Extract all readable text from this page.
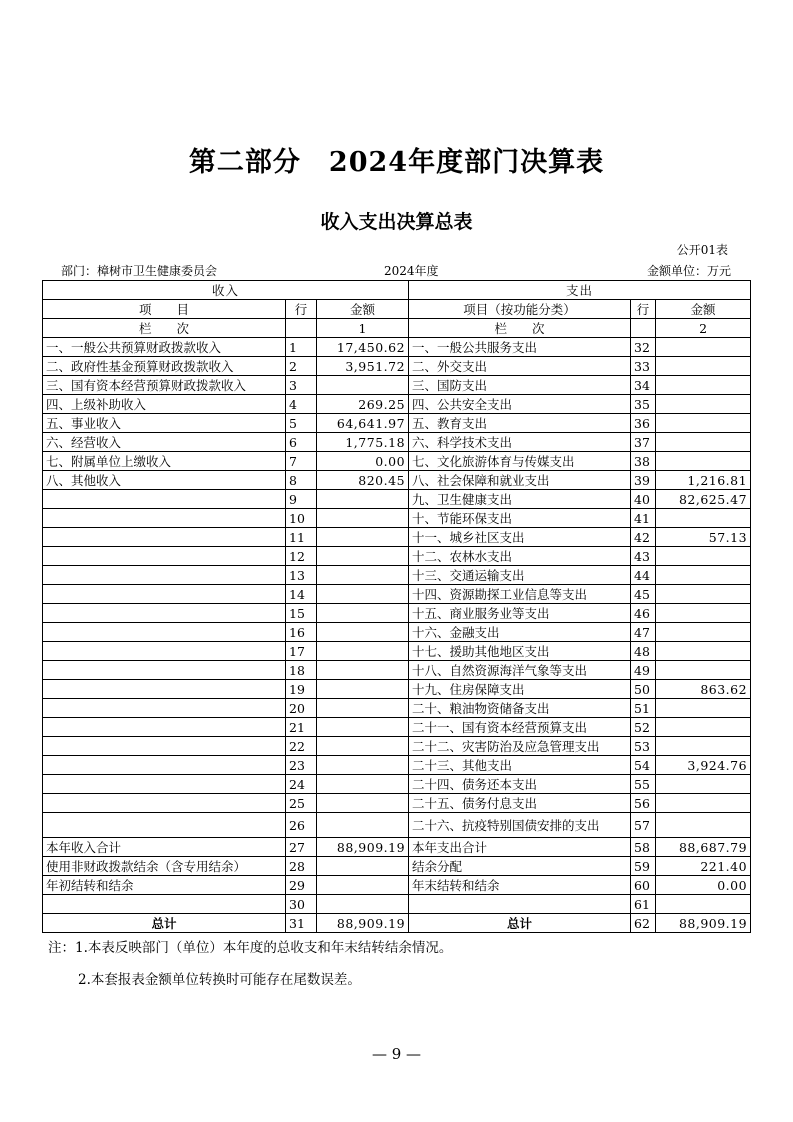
第二部分　2024年度部门决算表
收入支出决算总表
公开01表
部门：樟树市卫生健康委员会	2024年度	金额单位：万元
收入			支出		
项　　目	行	金额	项目（按功能分类）	行	金额
栏　　次		1	栏　　次		2
一、一般公共预算财政拨款收入	1	17,450.62	一、一般公共服务支出	32	
二、政府性基金预算财政拨款收入	2	3,951.72	二、外交支出	33	
三、国有资本经营预算财政拨款收入	3		三、国防支出	34	
四、上级补助收入	4	269.25	四、公共安全支出	35	
五、事业收入	5	64,641.97	五、教育支出	36	
六、经营收入	6	1,775.18	六、科学技术支出	37	
七、附属单位上缴收入	7	0.00	七、文化旅游体育与传媒支出	38	
八、其他收入	8	820.45	八、社会保障和就业支出	39	1,216.81
	9		九、卫生健康支出	40	82,625.47
	10		十、节能环保支出	41	
	11		十一、城乡社区支出	42	57.13
	12		十二、农林水支出	43	
	13		十三、交通运输支出	44	
	14		十四、资源勘探工业信息等支出	45	
	15		十五、商业服务业等支出	46	
	16		十六、金融支出	47	
	17		十七、援助其他地区支出	48	
	18		十八、自然资源海洋气象等支出	49	
	19		十九、住房保障支出	50	863.62
	20		二十、粮油物资储备支出	51	
	21		二十一、国有资本经营预算支出	52	
	22		二十二、灾害防治及应急管理支出	53	
	23		二十三、其他支出	54	3,924.76
	24		二十四、债务还本支出	55	
	25		二十五、债务付息支出	56	
	26		二十六、抗疫特别国债安排的支出	57	
本年收入合计	27	88,909.19	本年支出合计	58	88,687.79
使用非财政拨款结余（含专用结余）	28		结余分配	59	221.40
年初结转和结余	29		年末结转和结余	60	0.00
	30			61	
总计	31	88,909.19	总计	62	88,909.19
注：1.本表反映部门（单位）本年度的总收支和年末结转结余情况。
2.本套报表金额单位转换时可能存在尾数误差。
— 9 —
